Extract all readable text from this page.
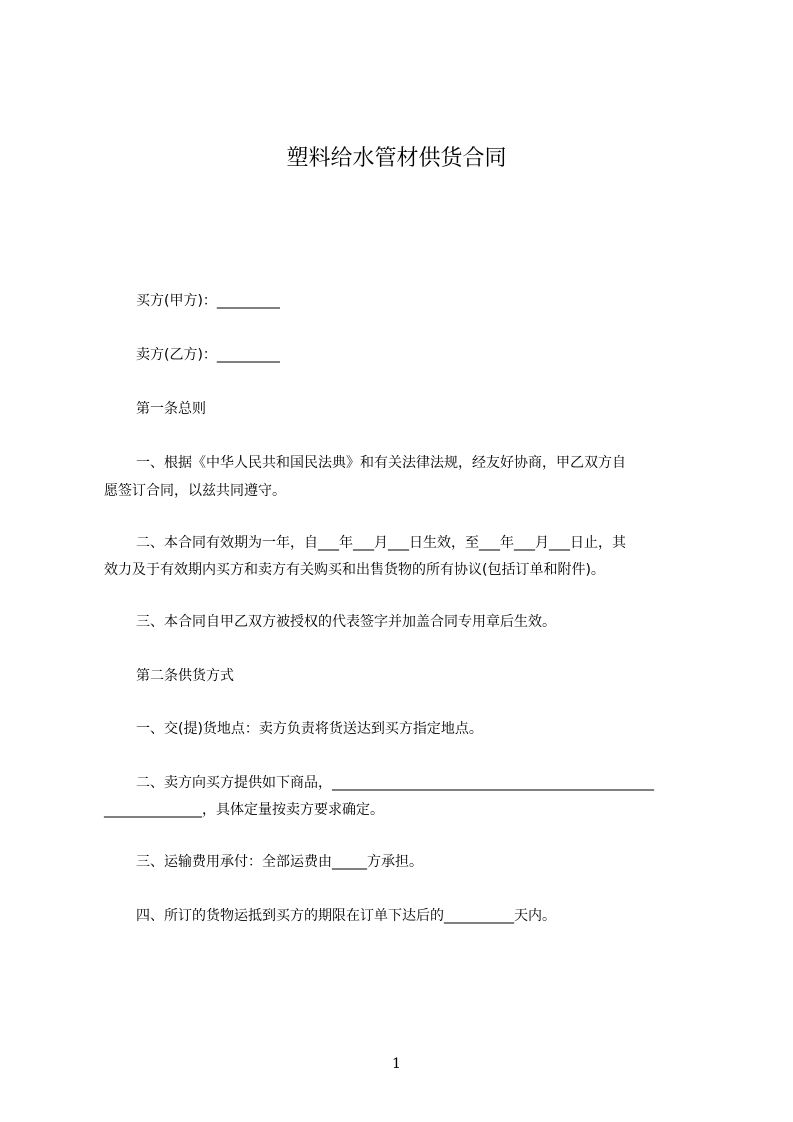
塑料给水管材供货合同
买方(甲方)：_________
卖方(乙方)：_________
第一条总则
一、根据《中华人民共和国民法典》和有关法律法规，经友好协商，甲乙双方自
愿签订合同，以兹共同遵守。
二、本合同有效期为一年，自___年___月___日生效，至___年___月___日止，其
效力及于有效期内买方和卖方有关购买和出售货物的所有协议(包括订单和附件)。
三、本合同自甲乙双方被授权的代表签字并加盖合同专用章后生效。
第二条供货方式
一、交(提)货地点：卖方负责将货送达到买方指定地点。
二、卖方向买方提供如下商品，______________________________________________
______________，具体定量按卖方要求确定。
三、运输费用承付：全部运费由_____方承担。
四、所订的货物运抵到买方的期限在订单下达后的__________天内。
1
